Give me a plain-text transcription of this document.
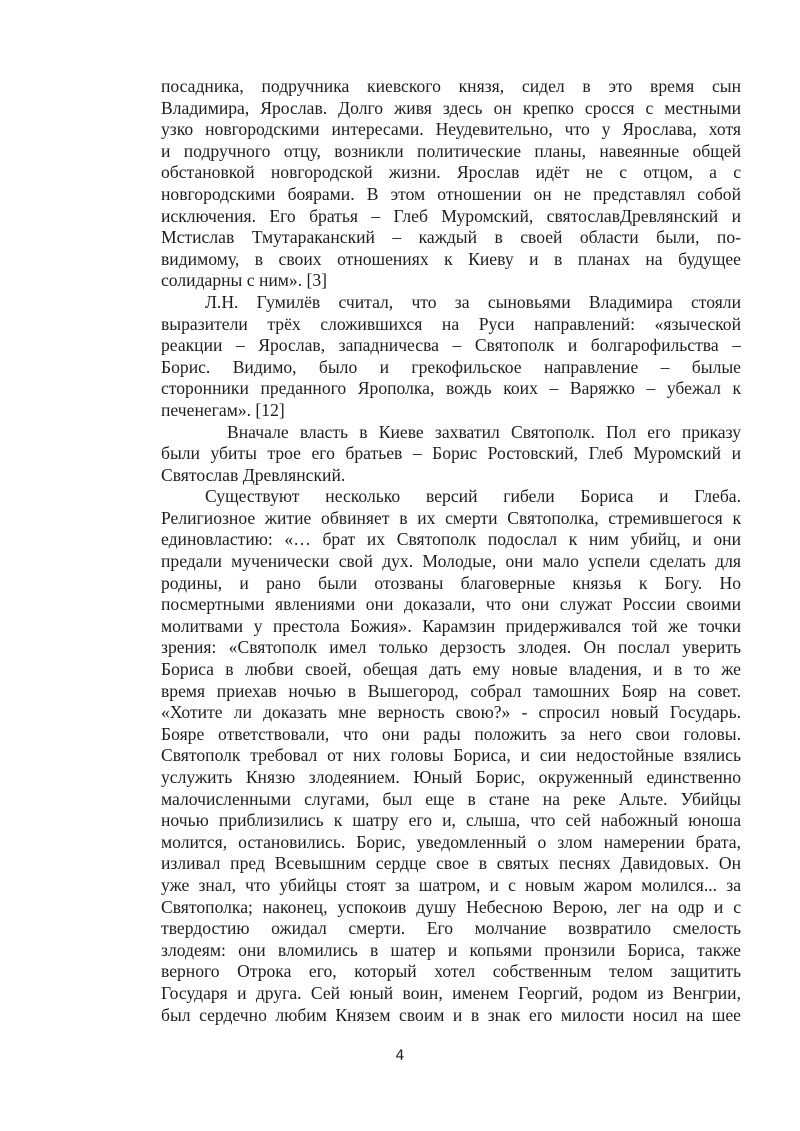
посадника, подручника киевского князя, сидел в это время сын
Владимира, Ярослав. Долго живя здесь он крепко сросся с местными
узко новгородскими интересами. Неудевительно, что у Ярослава, хотя
и подручного отцу, возникли политические планы, навеянные общей
обстановкой новгородской жизни. Ярослав идёт не с отцом, а с
новгородскими боярами. В этом отношении он не представлял собой
исключения. Его братья – Глеб Муромский, святославДревлянский и
Мстислав Тмутараканский – каждый в своей области были, по-
видимому, в своих отношениях к Киеву и в планах на будущее
солидарны с ним». [3]
Л.Н. Гумилёв считал, что за сыновьями Владимира стояли
выразители трёх сложившихся на Руси направлений: «языческой
реакции – Ярослав, западничесва – Святополк и болгарофильства –
Борис. Видимо, было и грекофильское направление – былые
сторонники преданного Ярополка, вождь коих – Варяжко – убежал к
печенегам». [12]
Вначале власть в Киеве захватил Святополк. Пол его приказу
были убиты трое его братьев – Борис Ростовский, Глеб Муромский и
Святослав Древлянский.
Существуют несколько версий гибели Бориса и Глеба.
Религиозное житие обвиняет в их смерти Святополка, стремившегося к
единовластию: «… брат их Святополк подослал к ним убийц, и они
предали мученически свой дух. Молодые, они мало успели сделать для
родины, и рано были отозваны благоверные князья к Богу. Но
посмертными явлениями они доказали, что они служат России своими
молитвами у престола Божия». Карамзин придерживался той же точки
зрения: «Святополк имел только дерзость злодея. Он послал уверить
Бориса в любви своей, обещая дать ему новые владения, и в то же
время приехав ночью в Вышегород, собрал тамошних Бояр на совет.
«Хотите ли доказать мне верность свою?» - спросил новый Государь.
Бояре ответствовали, что они рады положить за него свои головы.
Святополк требовал от них головы Бориса, и сии недостойные взялись
услужить Князю злодеянием. Юный Борис, окруженный единственно
малочисленными слугами, был еще в стане на реке Альте. Убийцы
ночью приблизились к шатру его и, слыша, что сей набожный юноша
молится, остановились. Борис, уведомленный о злом намерении брата,
изливал пред Всевышним сердце свое в святых песнях Давидовых. Он
уже знал, что убийцы стоят за шатром, и с новым жаром молился... за
Святополка; наконец, успокоив душу Небесною Верою, лег на одр и с
твердостию ожидал смерти. Его молчание возвратило смелость
злодеям: они вломились в шатер и копьями пронзили Бориса, также
верного Отрока его, который хотел собственным телом защитить
Государя и друга. Сей юный воин, именем Георгий, родом из Венгрии,
был сердечно любим Князем своим и в знак его милости носил на шее
4
